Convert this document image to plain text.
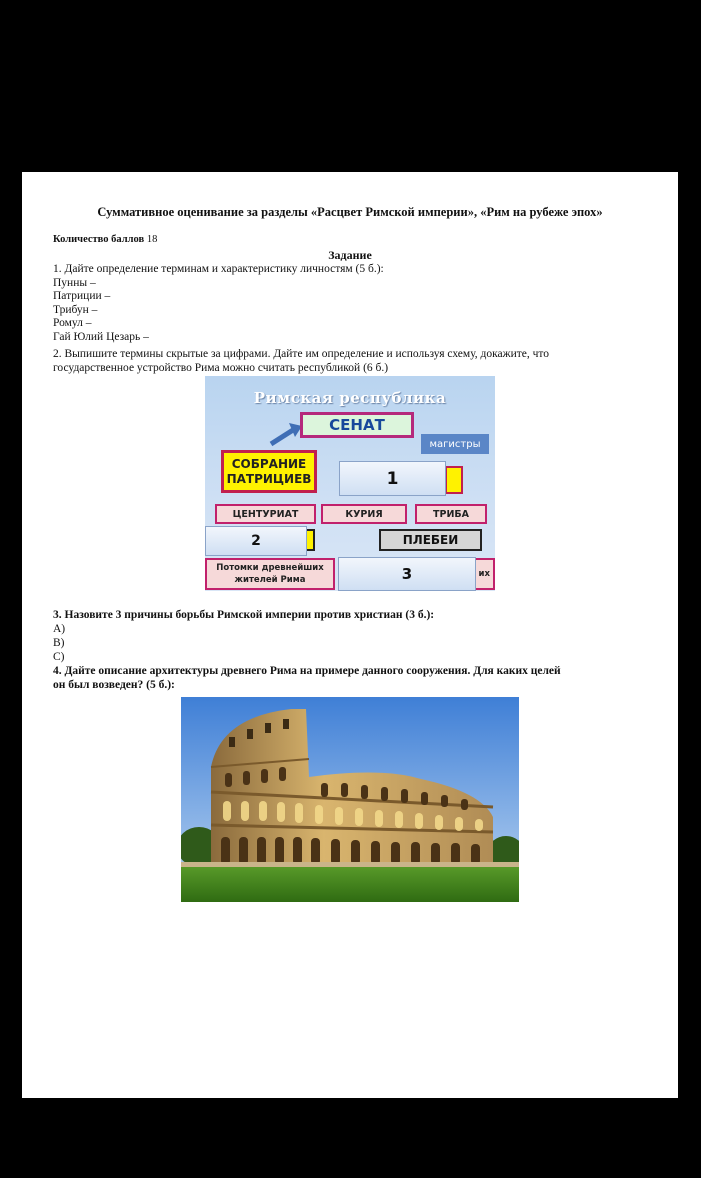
Суммативное оценивание за разделы «Расцвет Римской империи», «Рим на рубеже эпох»
Количество баллов 18
Задание
1. Дайте определение терминам и характеристику личностям (5 б.):
Пунны –
Патриции –
Трибун –
Ромул –
Гай Юлий Цезарь –
2. Выпишите термины скрытые за цифрами. Дайте им определение и используя схему, докажите, что
государственное устройство Рима можно считать республикой (6 б.)
Римская республика
СЕНАТ
магистры
СОБРАНИЕ
ПАТРИЦИЕВ	1
ЦЕНТУРИАТ	КУРИЯ	ТРИБА
2	ПЛЕБЕИ
Потомки древнейших
жителей Рима
их
3
3. Назовите 3 причины борьбы Римской империи против христиан (3 б.):
A)
B)
C)
4. Дайте описание архитектуры древнего Рима на примере данного сооружения. Для каких целей
он был возведен? (5 б.):
